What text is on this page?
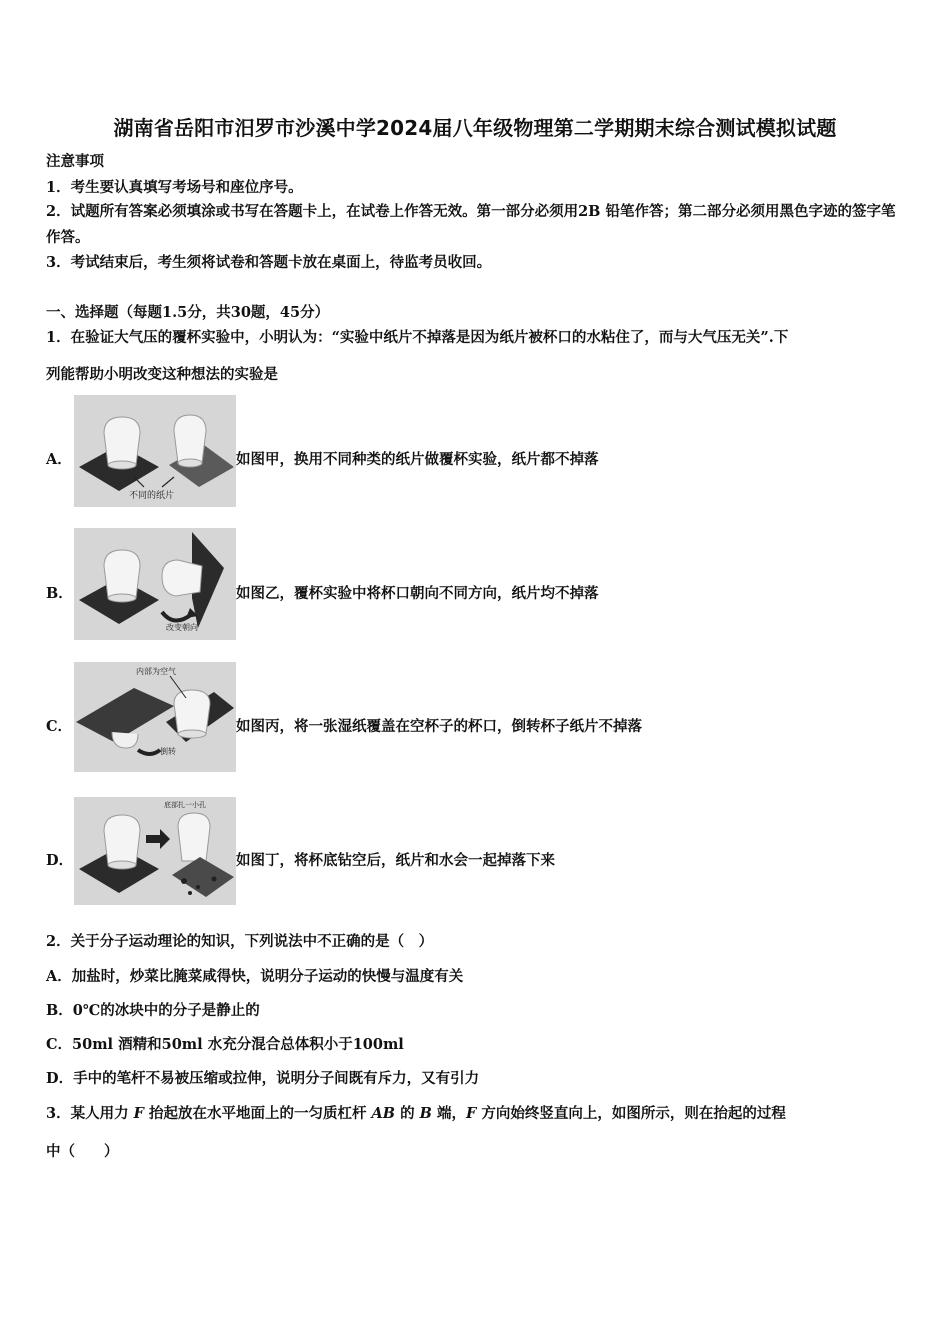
湖南省岳阳市汨罗市沙溪中学2024届八年级物理第二学期期末综合测试模拟试题
注意事项
1．考生要认真填写考场号和座位序号。
2．试题所有答案必须填涂或书写在答题卡上，在试卷上作答无效。第一部分必须用2B 铅笔作答；第二部分必须用黑色字迹的签字笔作答。
3．考试结束后，考生须将试卷和答题卡放在桌面上，待监考员收回。
一、选择题（每题1.5分，共30题，45分）
1．在验证大气压的覆杯实验中，小明认为：“实验中纸片不掉落是因为纸片被杯口的水粘住了，而与大气压无关”.下
列能帮助小明改变这种想法的实验是
不同的纸片
A．	如图甲，换用不同种类的纸片做覆杯实验，纸片都不掉落
改变朝向
B．	如图乙，覆杯实验中将杯口朝向不同方向，纸片均不掉落
内部为空气
倒转
C．	如图丙，将一张湿纸覆盖在空杯子的杯口，倒转杯子纸片不掉落
底部扎一小孔
D．	如图丁，将杯底钻空后，纸片和水会一起掉落下来
2．关于分子运动理论的知识，下列说法中不正确的是（　）
A．加盐时，炒菜比腌菜咸得快，说明分子运动的快慢与温度有关
B．0℃的冰块中的分子是静止的
C．50ml 酒精和50ml 水充分混合总体积小于100ml
D．手中的笔杆不易被压缩或拉伸，说明分子间既有斥力，又有引力
3．某人用力 F 抬起放在水平地面上的一匀质杠杆 AB 的 B 端，F 方向始终竖直向上，如图所示，则在抬起的过程
中（　　）
